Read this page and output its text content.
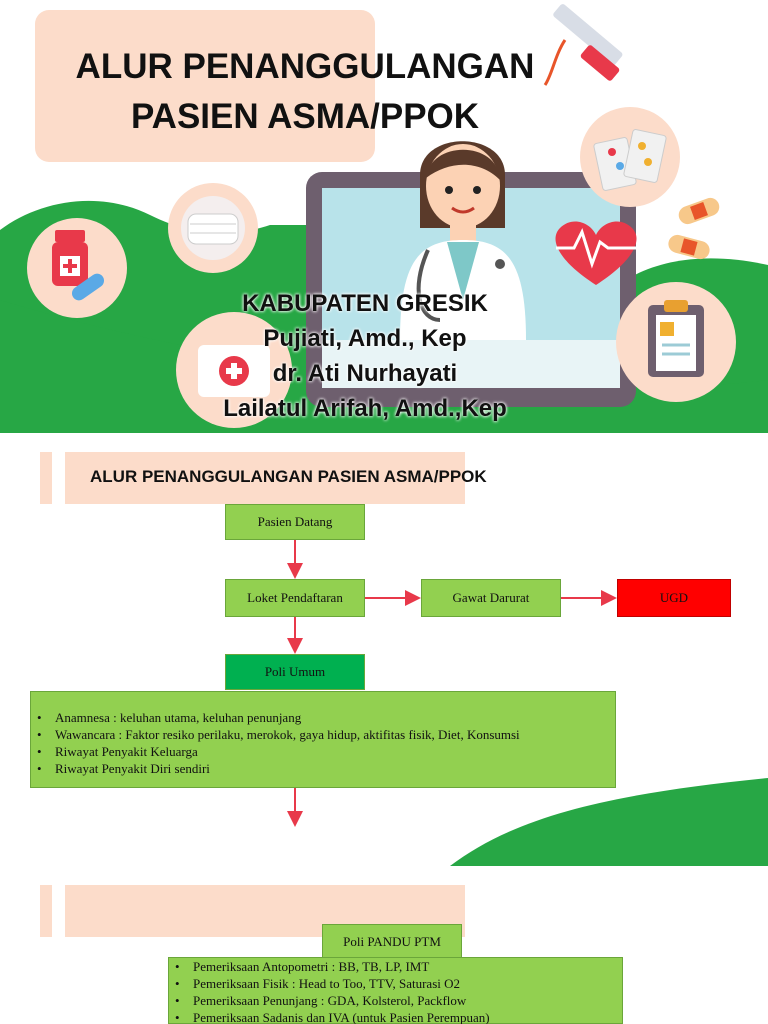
ALUR PENANGGULANGAN
PASIEN ASMA/PPOK
KABUPATEN GRESIK
Pujiati, Amd., Kep
dr. Ati Nurhayati
Lailatul Arifah, Amd.,Kep
ALUR PENANGGULANGAN PASIEN ASMA/PPOK
Pasien Datang
Loket Pendaftaran	Gawat Darurat	UGD
Poli Umum
• Anamnesa : keluhan utama, keluhan penunjang
• Wawancara : Faktor resiko perilaku, merokok, gaya hidup, aktifitas fisik, Diet, Konsumsi
• Riwayat Penyakit Keluarga
• Riwayat Penyakit Diri sendiri
Poli PANDU PTM
• Pemeriksaan Antopometri : BB, TB, LP, IMT
• Pemeriksaan Fisik : Head to Too, TTV, Saturasi O2
• Pemeriksaan Penunjang : GDA, Kolsterol, Packflow
• Pemeriksaan Sadanis dan IVA (untuk Pasien Perempuan)
